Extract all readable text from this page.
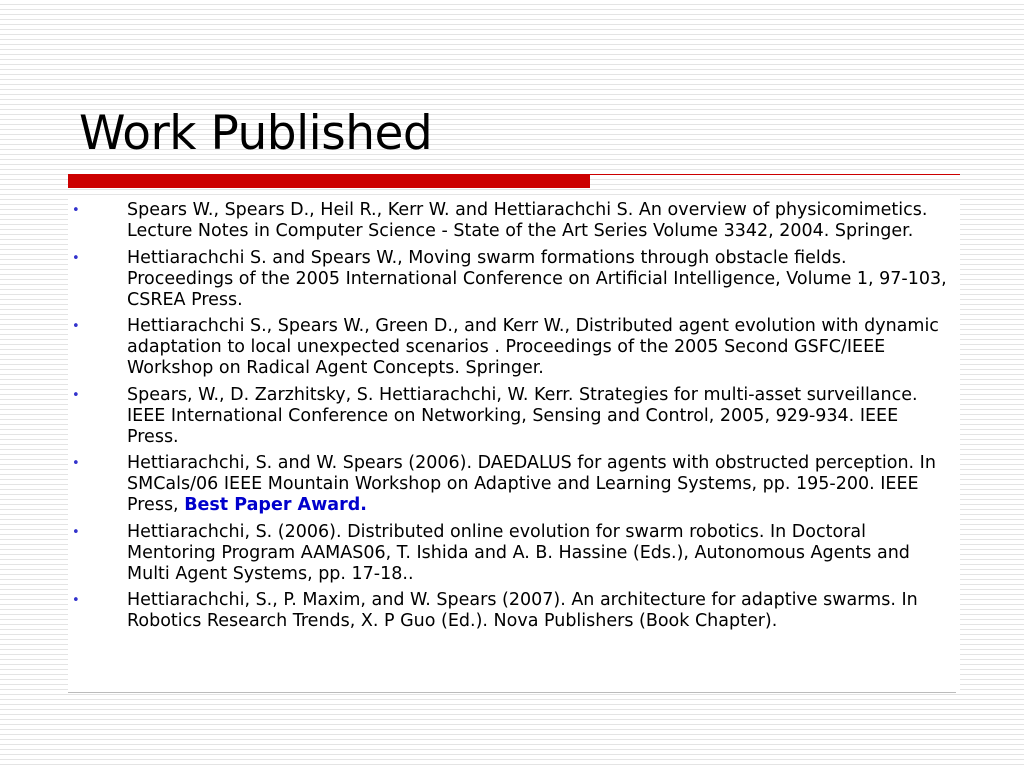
Work Published
•	Spears W., Spears D., Heil R., Kerr W. and Hettiarachchi S. An overview of physicomimetics. Lecture Notes in Computer Science - State of the Art Series Volume 3342, 2004. Springer.
•	Hettiarachchi S. and Spears W., Moving swarm formations through obstacle fields. Proceedings of the 2005 International Conference on Artificial Intelligence, Volume 1, 97-103, CSREA Press.
•	Hettiarachchi S., Spears W., Green D., and Kerr W., Distributed agent evolution with dynamic adaptation to local unexpected scenarios . Proceedings of the 2005 Second GSFC/IEEE Workshop on Radical Agent Concepts. Springer.
•	Spears, W., D. Zarzhitsky, S. Hettiarachchi, W. Kerr. Strategies for multi-asset surveillance. IEEE International Conference on Networking, Sensing and Control, 2005, 929-934. IEEE Press.
•	Hettiarachchi, S. and W. Spears (2006). DAEDALUS for agents with obstructed perception. In SMCals/06 IEEE Mountain Workshop on Adaptive and Learning Systems, pp. 195-200. IEEE Press, Best Paper Award.
•	Hettiarachchi, S. (2006). Distributed online evolution for swarm robotics. In Doctoral Mentoring Program AAMAS06, T. Ishida and A. B. Hassine (Eds.), Autonomous Agents and Multi Agent Systems, pp. 17-18..
•	Hettiarachchi, S., P. Maxim, and W. Spears (2007). An architecture for adaptive swarms. In Robotics Research Trends, X. P Guo (Ed.). Nova Publishers (Book Chapter).
